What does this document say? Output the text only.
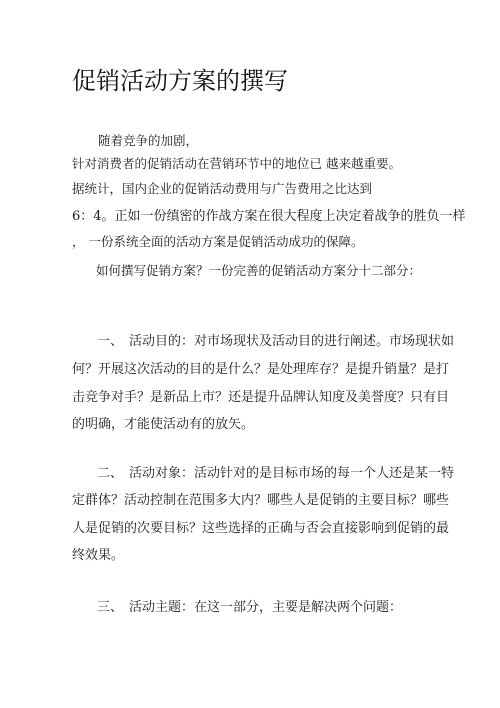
促销活动方案的撰写
随着竞争的加剧，
针对消费者的促销活动在营销环节中的地位已 越来越重要。
据统计，国内企业的促销活动费用与广告费用之比达到
6：4。正如一份缜密的作战方案在很大程度上决定着战争的胜负一样
， 一份系统全面的活动方案是促销活动成功的保障。
如何撰写促销方案？一份完善的促销活动方案分十二部分：
一、 活动目的：对市场现状及活动目的进行阐述。市场现状如
何？开展这次活动的目的是什么？是处理库存？是提升销量？是打
击竞争对手？是新品上市？还是提升品牌认知度及美誉度？只有目
的明确，才能使活动有的放矢。
二、 活动对象：活动针对的是目标市场的每一个人还是某一特
定群体？活动控制在范围多大内？哪些人是促销的主要目标？哪些
人是促销的次要目标？这些选择的正确与否会直接影响到促销的最
终效果。
三、 活动主题：在这一部分，主要是解决两个问题：
